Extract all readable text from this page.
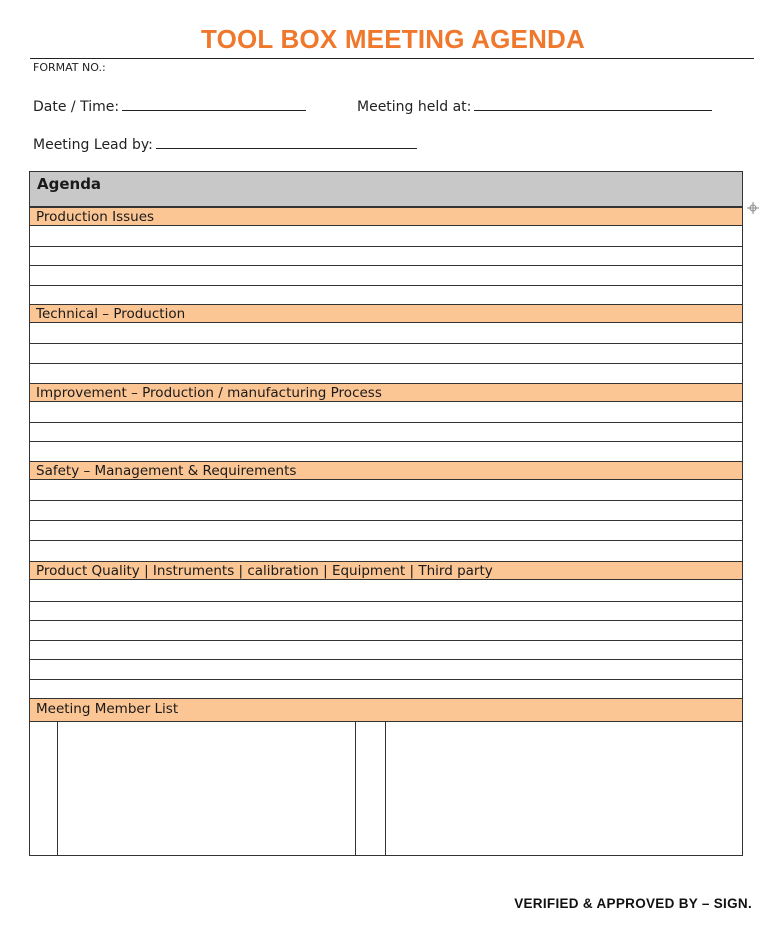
TOOL BOX MEETING AGENDA
FORMAT NO.:
Date / Time:	Meeting held at:
Meeting Lead by:
Agenda
Production Issues
Technical – Production
Improvement – Production / manufacturing Process
Safety – Management & Requirements
Product Quality | Instruments | calibration | Equipment | Third party
Meeting Member List
VERIFIED & APPROVED BY – SIGN.
